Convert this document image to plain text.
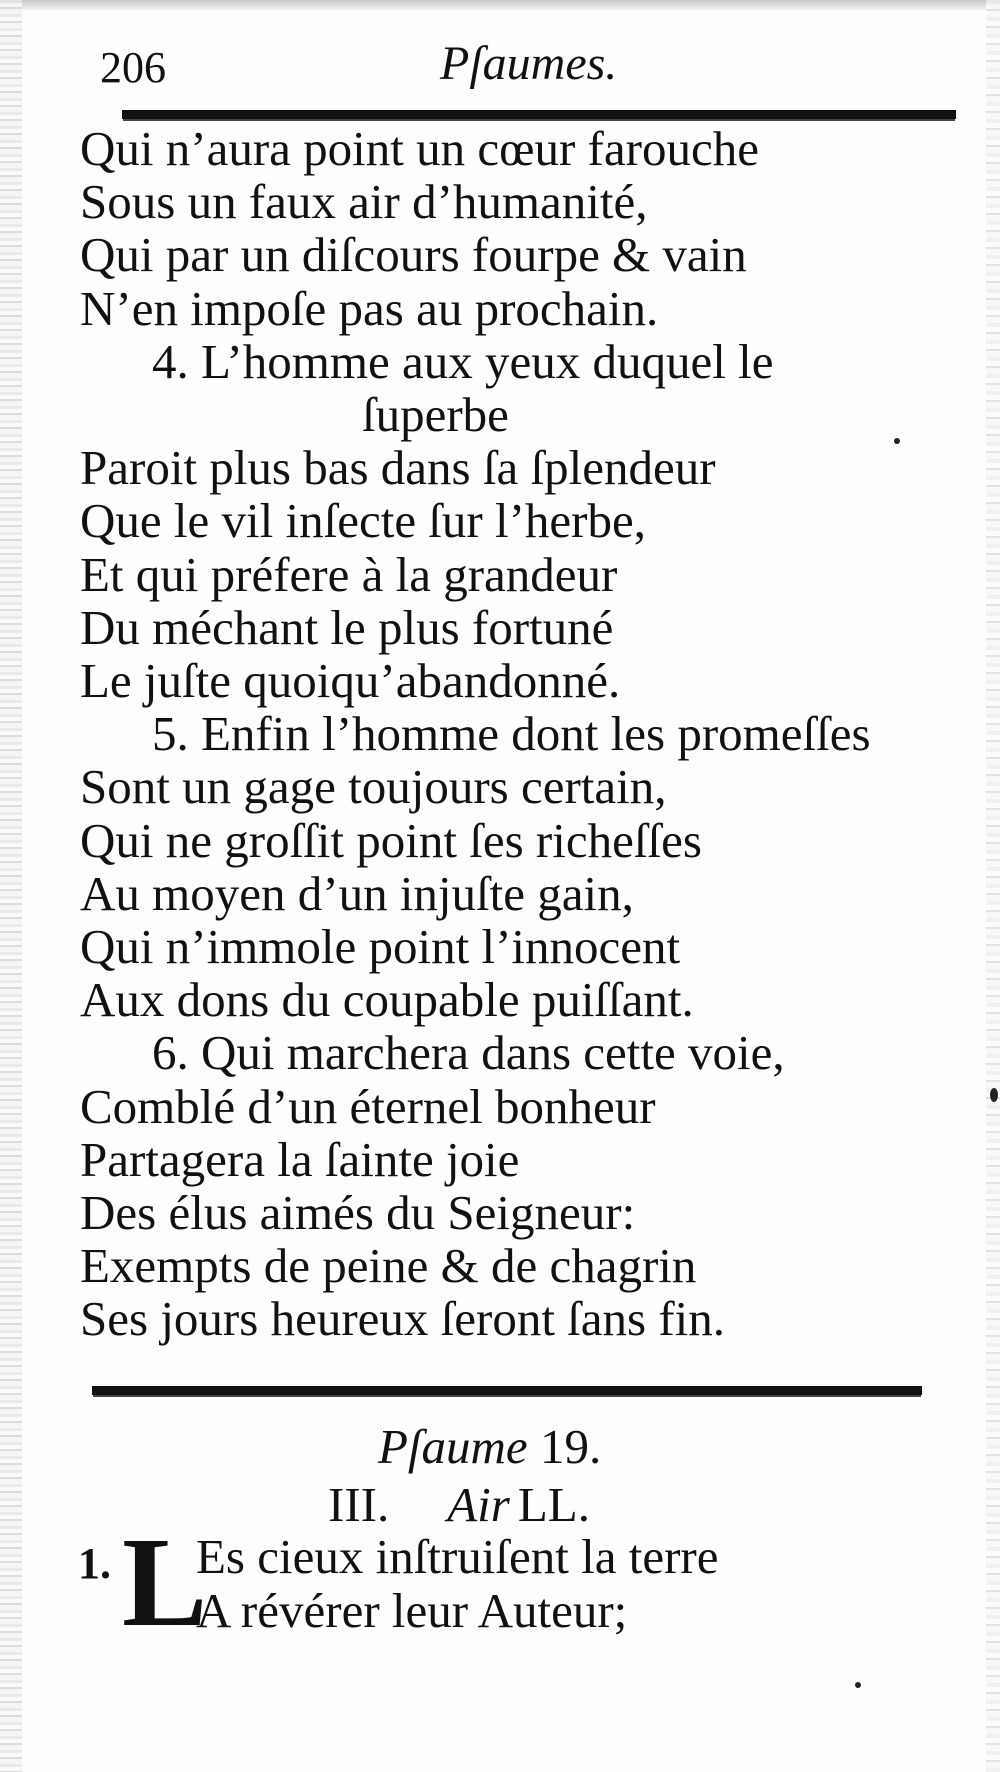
206	Pſaumes.
Qui n’aura point un cœur farouche
Sous un faux air d’humanité,
Qui par un diſcours fourpe & vain
N’en impoſe pas au prochain.
4. L’homme aux yeux duquel le
ſuperbe
Paroit plus bas dans ſa ſplendeur
Que le vil inſecte ſur l’herbe,
Et qui préfere à la grandeur
Du méchant le plus fortuné
Le juſte quoiqu’abandonné.
5. Enfin l’homme dont les promeſſes
Sont un gage toujours certain,
Qui ne groſſit point ſes richeſſes
Au moyen d’un injuſte gain,
Qui n’immole point l’innocent
Aux dons du coupable puiſſant.
6. Qui marchera dans cette voie,
Comblé d’un éternel bonheur
Partagera la ſainte joie
Des élus aimés du Seigneur:
Exempts de peine & de chagrin
Ses jours heureux ſeront ſans fin.
Pſaume 19.
III. Air LL.
1. L
Es cieux inſtruiſent la terre
A révérer leur Auteur;
